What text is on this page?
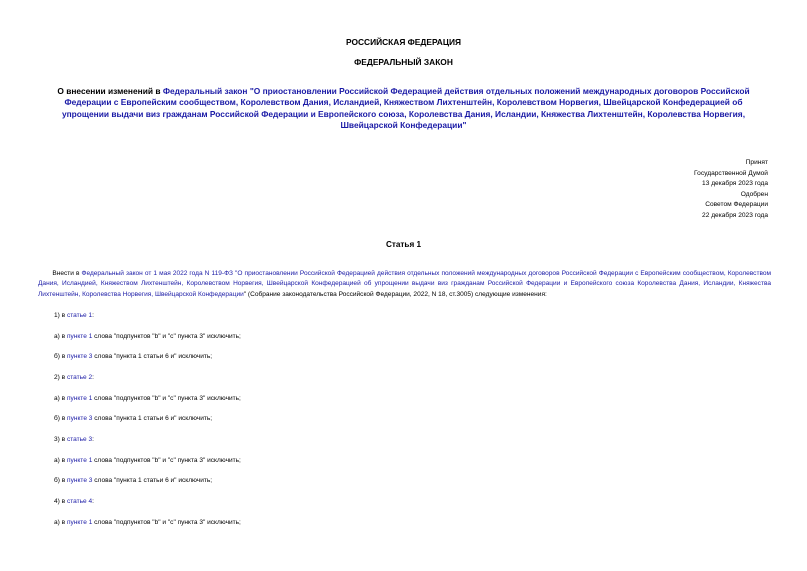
РОССИЙСКАЯ ФЕДЕРАЦИЯ
ФЕДЕРАЛЬНЫЙ ЗАКОН
О внесении изменений в Федеральный закон "О приостановлении Российской Федерацией действия отдельных положений международных договоров Российской Федерации с Европейским сообществом, Королевством Дания, Исландией, Княжеством Лихтенштейн, Королевством Норвегия, Швейцарской Конфедерацией об упрощении выдачи виз гражданам Российской Федерации и Европейского союза, Королевства Дания, Исландии, Княжества Лихтенштейн, Королевства Норвегия, Швейцарской Конфедерации"
Принят
Государственной Думой
13 декабря 2023 года
Одобрен
Советом Федерации
22 декабря 2023 года
Статья 1
Внести в Федеральный закон от 1 мая 2022 года N 119-ФЗ "О приостановлении Российской Федерацией действия отдельных положений международных договоров Российской Федерации с Европейским сообществом, Королевством Дания, Исландией, Княжеством Лихтенштейн, Королевством Норвегия, Швейцарской Конфедерацией об упрощении выдачи виз гражданам Российской Федерации и Европейского союза Королевства Дания, Исландии, Княжества Лихтенштейн, Королевства Норвегия, Швейцарской Конфедерации" (Собрание законодательства Российской Федерации, 2022, N 18, ст.3005) следующие изменения:
1) в статье 1:
а) в пункте 1 слова "подпунктов "b" и "c" пункта 3" исключить;
б) в пункте 3 слова "пункта 1 статьи 6 и" исключить;
2) в статье 2:
а) в пункте 1 слова "подпунктов "b" и "c" пункта 3" исключить;
б) в пункте 3 слова "пункта 1 статьи 6 и" исключить;
3) в статье 3:
а) в пункте 1 слова "подпунктов "b" и "c" пункта 3" исключить;
б) в пункте 3 слова "пункта 1 статьи 6 и" исключить;
4) в статье 4:
а) в пункте 1 слова "подпунктов "b" и "c" пункта 3" исключить;
